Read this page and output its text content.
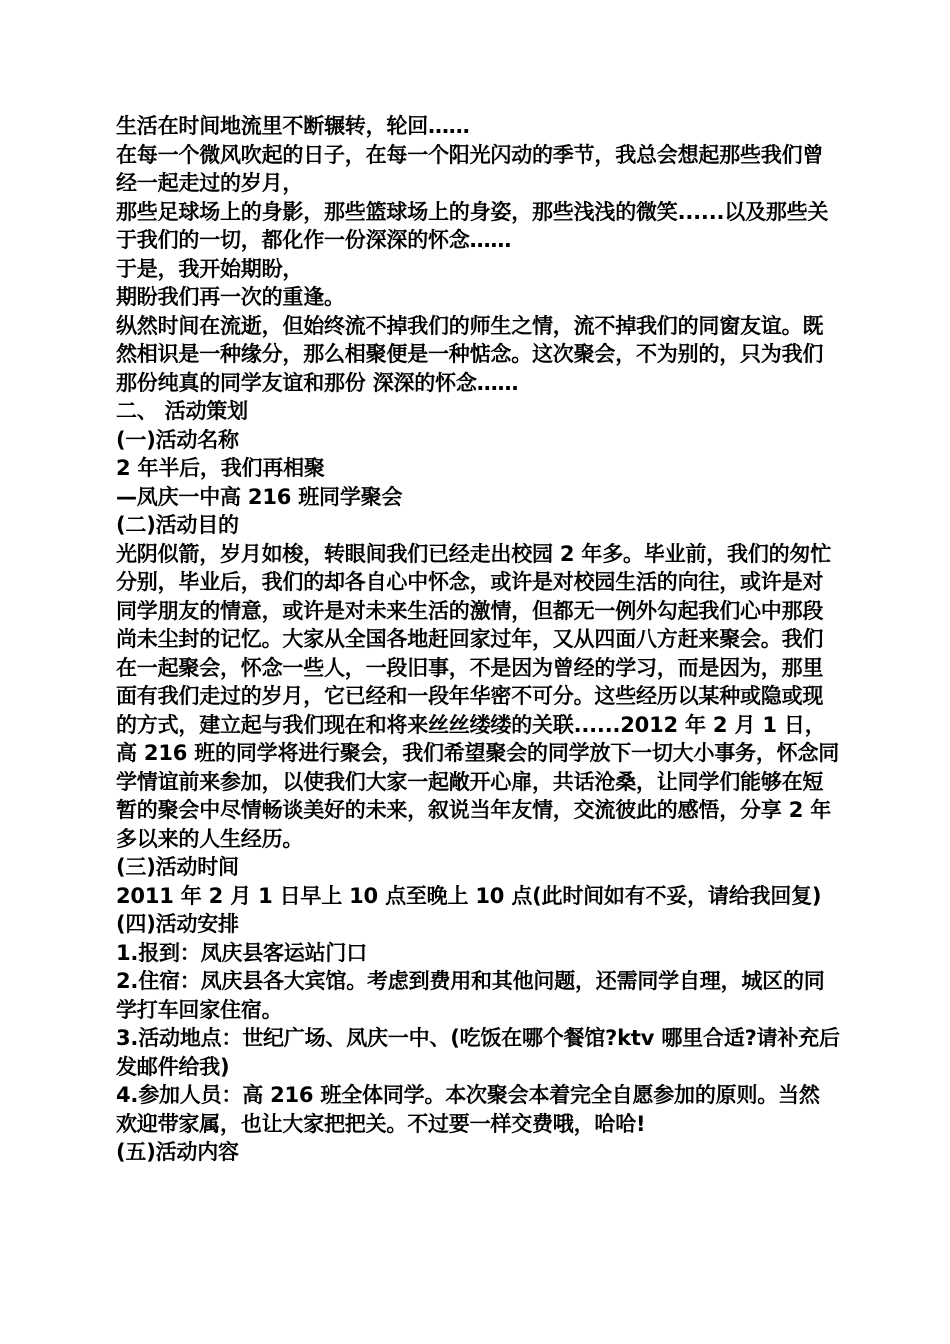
生活在时间地流里不断辗转，轮回……

在每一个微风吹起的日子，在每一个阳光闪动的季节，我总会想起那些我们曾经一起走过的岁月，

那些足球场上的身影，那些篮球场上的身姿，那些浅浅的微笑......以及那些关于我们的一切，都化作一份深深的怀念……

于是，我开始期盼，

期盼我们再一次的重逢。

纵然时间在流逝，但始终流不掉我们的师生之情，流不掉我们的同窗友谊。既然相识是一种缘分，那么相聚便是一种惦念。这次聚会，不为别的，只为我们那份纯真的同学友谊和那份 深深的怀念……

二、 活动策划

(一)活动名称

2 年半后，我们再相聚

—凤庆一中高 216 班同学聚会

(二)活动目的

光阴似箭，岁月如梭，转眼间我们已经走出校园 2 年多。毕业前，我们的匆忙分别，毕业后，我们的却各自心中怀念，或许是对校园生活的向往，或许是对同学朋友的情意，或许是对未来生活的激情，但都无一例外勾起我们心中那段尚未尘封的记忆。大家从全国各地赶回家过年，又从四面八方赶来聚会。我们在一起聚会，怀念一些人，一段旧事，不是因为曾经的学习，而是因为，那里面有我们走过的岁月，它已经和一段年华密不可分。这些经历以某种或隐或现的方式，建立起与我们现在和将来丝丝缕缕的关联......2012 年 2 月 1 日，高 216 班的同学将进行聚会，我们希望聚会的同学放下一切大小事务，怀念同学情谊前来参加，以使我们大家一起敞开心扉，共话沧桑，让同学们能够在短暂的聚会中尽情畅谈美好的未来，叙说当年友情，交流彼此的感悟，分享 2 年多以来的人生经历。

(三)活动时间

2011 年 2 月 1 日早上 10 点至晚上 10 点(此时间如有不妥，请给我回复)

(四)活动安排

1.报到：凤庆县客运站门口

2.住宿：凤庆县各大宾馆。考虑到费用和其他问题，还需同学自理，城区的同学打车回家住宿。

3.活动地点：世纪广场、凤庆一中、(吃饭在哪个餐馆?ktv 哪里合适?请补充后发邮件给我)

4.参加人员：高 216 班全体同学。本次聚会本着完全自愿参加的原则。当然

欢迎带家属，也让大家把把关。不过要一样交费哦，哈哈!

(五)活动内容
